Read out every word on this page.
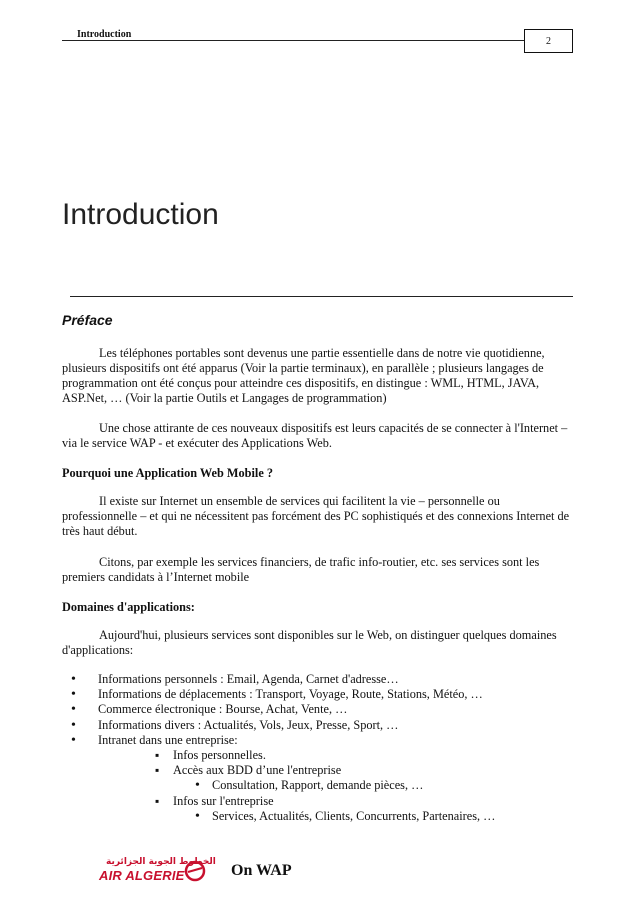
Introduction
2
Introduction
Préface

Les téléphones portables sont devenus une partie essentielle dans de notre vie quotidienne, plusieurs dispositifs ont été apparus (Voir la partie terminaux), en parallèle ; plusieurs langages de programmation ont été conçus pour atteindre ces dispositifs, en distingue : WML, HTML, JAVA, ASP.Net, … (Voir la partie Outils et Langages de programmation)

Une chose attirante de ces nouveaux dispositifs est leurs capacités de se connecter à l'Internet – via le service WAP - et exécuter des Applications Web.

Pourquoi une Application Web Mobile ?

Il existe sur Internet un ensemble de services qui facilitent la vie – personnelle ou professionnelle – et qui ne nécessitent pas forcément des PC sophistiqués et des connexions Internet de très haut début.

Citons, par exemple les services financiers, de trafic info-routier, etc. ses services sont les premiers candidats à l’Internet mobile

Domaines d'applications:

Aujourd'hui, plusieurs services sont disponibles sur le Web, on distinguer quelques domaines d'applications:

• Informations personnels : Email, Agenda, Carnet d'adresse…
• Informations de déplacements : Transport, Voyage, Route, Stations, Météo, …
• Commerce électronique : Bourse, Achat, Vente, …
• Informations divers : Actualités, Vols, Jeux, Presse, Sport, …
• Intranet dans une entreprise:
▪ Infos personnelles.
▪ Accès aux BDD d’une l'entreprise
• Consultation, Rapport, demande pièces, …
▪ Infos sur l'entreprise
• Services, Actualités, Clients, Concurrents, Partenaires, …
الخطوط الجوية الجزائرية
AIR ALGERIE	On WAP
